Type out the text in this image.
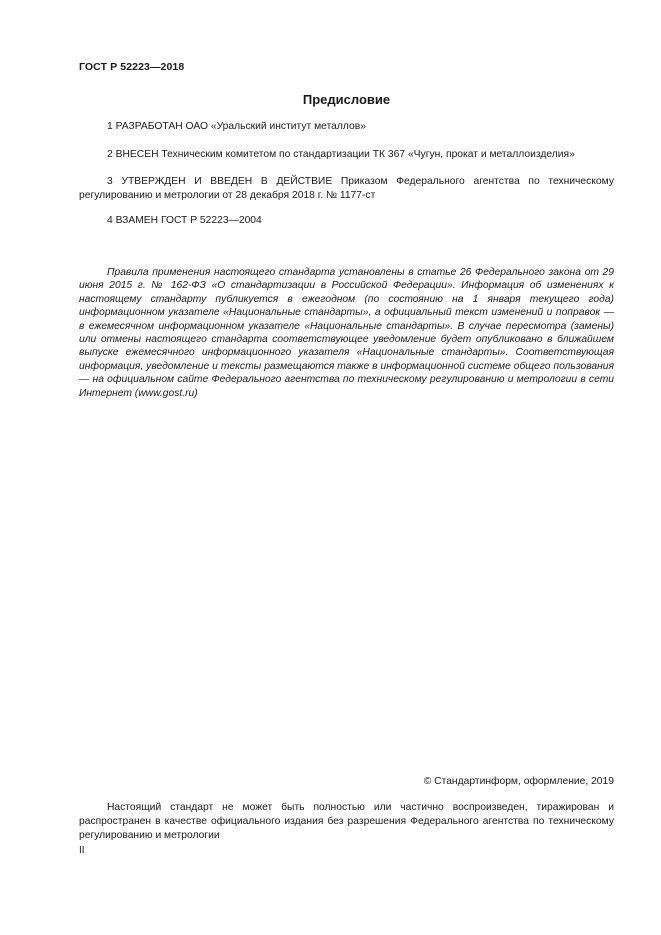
ГОСТ Р 52223—2018
Предисловие

1 РАЗРАБОТАН ОАО «Уральский институт металлов»

2 ВНЕСЕН Техническим комитетом по стандартизации ТК 367 «Чугун, прокат и металлоизделия»

3 УТВЕРЖДЕН И ВВЕДЕН В ДЕЙСТВИЕ Приказом Федерального агентства по техническому регулированию и метрологии от 28 декабря 2018 г. № 1177-ст

4 ВЗАМЕН ГОСТ Р 52223—2004

Правила применения настоящего стандарта установлены в статье 26 Федерального закона от 29 июня 2015 г. № 162-ФЗ «О стандартизации в Российской Федерации». Информация об изменениях к настоящему стандарту публикуется в ежегодном (по состоянию на 1 января текущего года) информационном указателе «Национальные стандарты», а официальный текст изменений и поправок — в ежемесячном информационном указателе «Национальные стандарты». В случае пересмотра (замены) или отмены настоящего стандарта соответствующее уведомление будет опубликовано в ближайшем выпуске ежемесячного информационного указателя «Национальные стандарты». Соответствующая информация, уведомление и тексты размещаются также в информационной системе общего пользования — на официальном сайте Федерального агентства по техническому регулированию и метрологии в сети Интернет (www.gost.ru)

© Стандартинформ, оформление, 2019

Настоящий стандарт не может быть полностью или частично воспроизведен, тиражирован и распространен в качестве официального издания без разрешения Федерального агентства по техническому регулированию и метрологии

II
